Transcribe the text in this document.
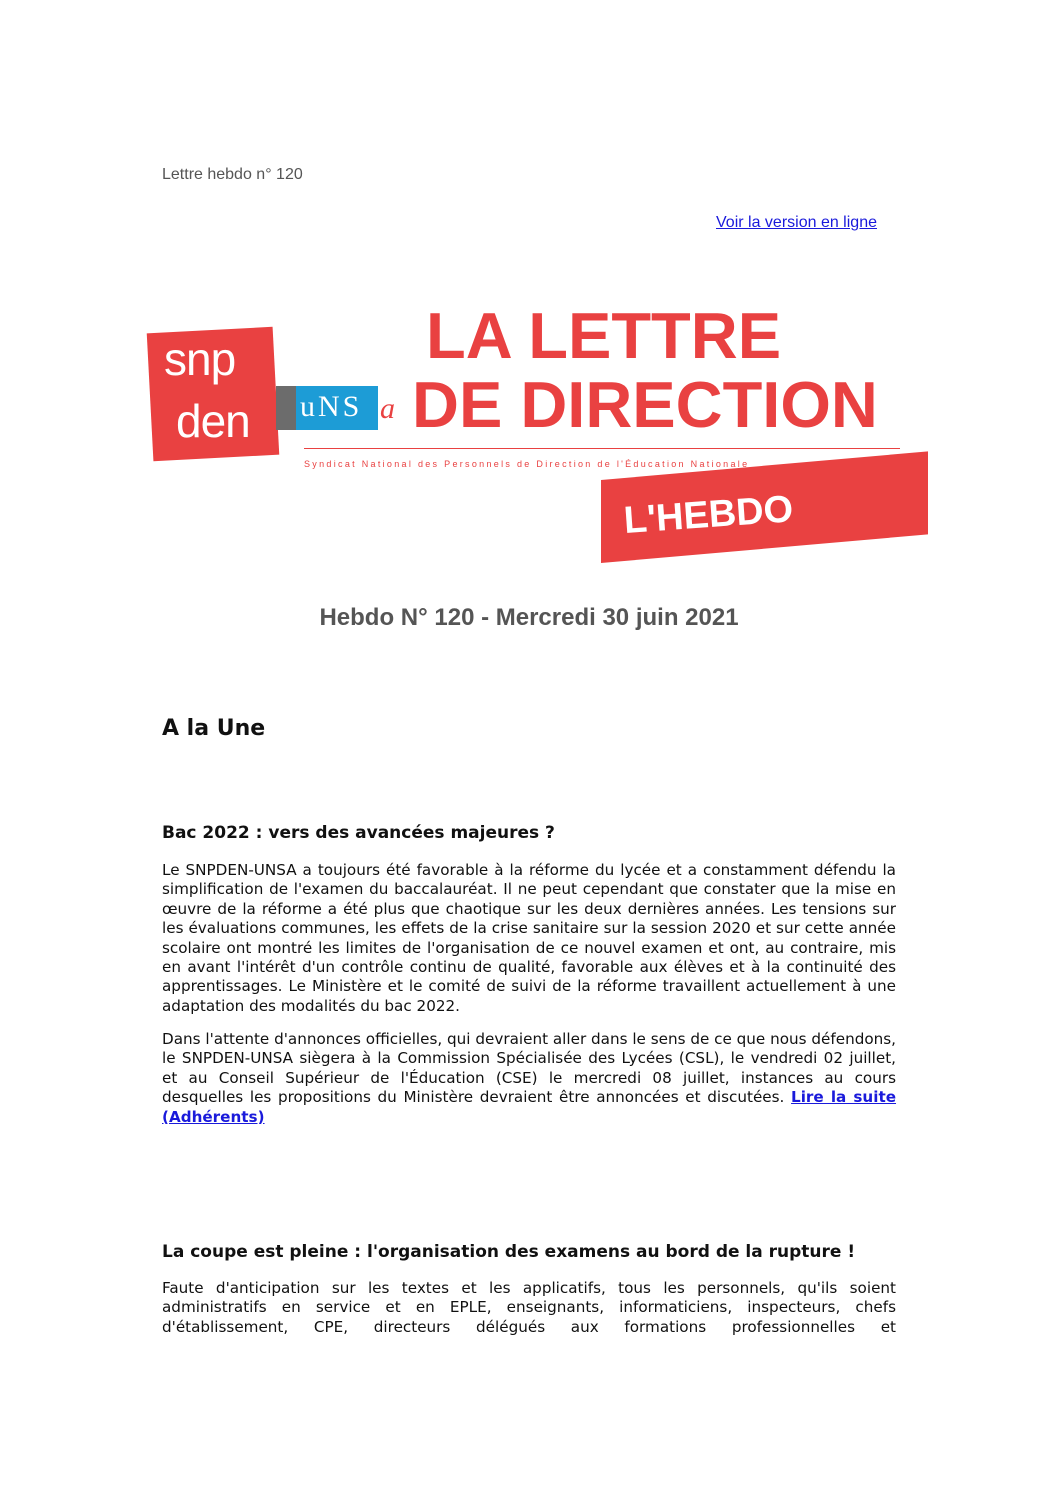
Lettre hebdo n° 120
Voir la version en ligne
snp
den uNS a
LA LETTRE
DE DIRECTION
Syndicat National des Personnels de Direction de l'Éducation Nationale
L'HEBDO
Hebdo N° 120 - Mercredi 30 juin 2021
A la Une
Bac 2022 : vers des avancées majeures ?
Le SNPDEN-UNSA a toujours été favorable à la réforme du lycée et a constamment défendu la simplification de l'examen du baccalauréat. Il ne peut cependant que constater que la mise en œuvre de la réforme a été plus que chaotique sur les deux dernières années. Les tensions sur les évaluations communes, les effets de la crise sanitaire sur la session 2020 et sur cette année scolaire ont montré les limites de l'organisation de ce nouvel examen et ont, au contraire, mis en avant l'intérêt d'un contrôle continu de qualité, favorable aux élèves et à la continuité des apprentissages. Le Ministère et le comité de suivi de la réforme travaillent actuellement à une adaptation des modalités du bac 2022.
Dans l'attente d'annonces officielles, qui devraient aller dans le sens de ce que nous défendons, le SNPDEN-UNSA siègera à la Commission Spécialisée des Lycées (CSL), le vendredi 02 juillet, et au Conseil Supérieur de l'Éducation (CSE) le mercredi 08 juillet, instances au cours desquelles les propositions du Ministère devraient être annoncées et discutées. Lire la suite (Adhérents)
La coupe est pleine : l'organisation des examens au bord de la rupture !
Faute d'anticipation sur les textes et les applicatifs, tous les personnels, qu'ils soient administratifs en service et en EPLE, enseignants, informaticiens, inspecteurs, chefs d'établissement, CPE, directeurs délégués aux formations professionnelles et
